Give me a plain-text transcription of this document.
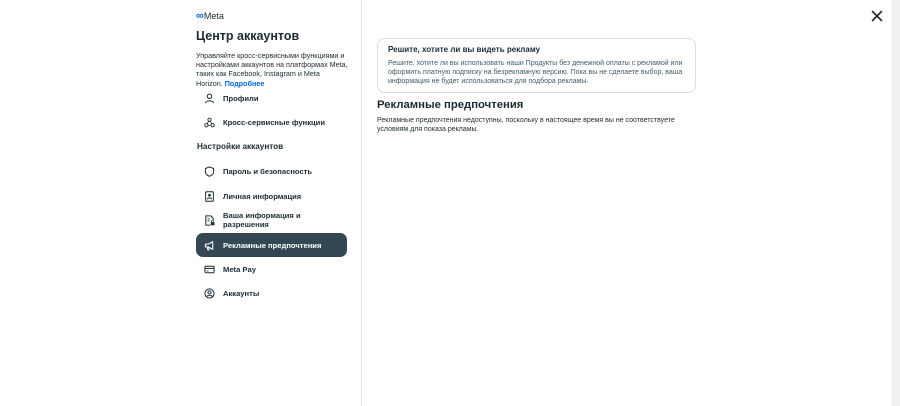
∞ Meta
Центр аккаунтов
Управляйте кросс-сервисными функциями и настройками аккаунтов на платформах Meta, таких как Facebook, Instagram и Meta Horizon. Подробнее
Профили
Кросс-сервисные функции
Настройки аккаунтов
Пароль и безопасность
Личная информация
Ваша информация и разрешения
Рекламные предпочтения
Meta Pay
Аккаунты
Решите, хотите ли вы видеть рекламу
Решите, хотите ли вы использовать наши Продукты без денежной оплаты с рекламой или оформить платную подписку на безрекламную версию. Пока вы не сделаете выбор, ваша информация не будет использоваться для подбора рекламы.
Рекламные предпочтения
Рекламные предпочтения недоступны, поскольку в настоящее время вы не соответствуете условиям для показа рекламы.
